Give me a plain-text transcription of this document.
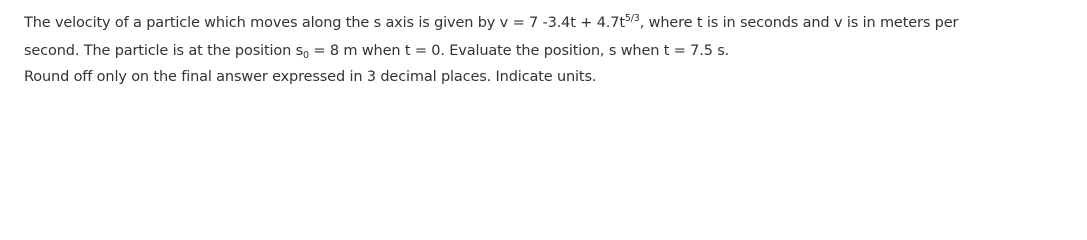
The velocity of a particle which moves along the s axis is given by v = 7 $-3.4t + 4.7t^{5/3}$, where t is in seconds and v is in meters per
second. The particle is at the position $s_0 = 8$ m when t = 0. Evaluate the position, s when t = 7.5 s.
Round off only on the final answer expressed in 3 decimal places. Indicate units.
